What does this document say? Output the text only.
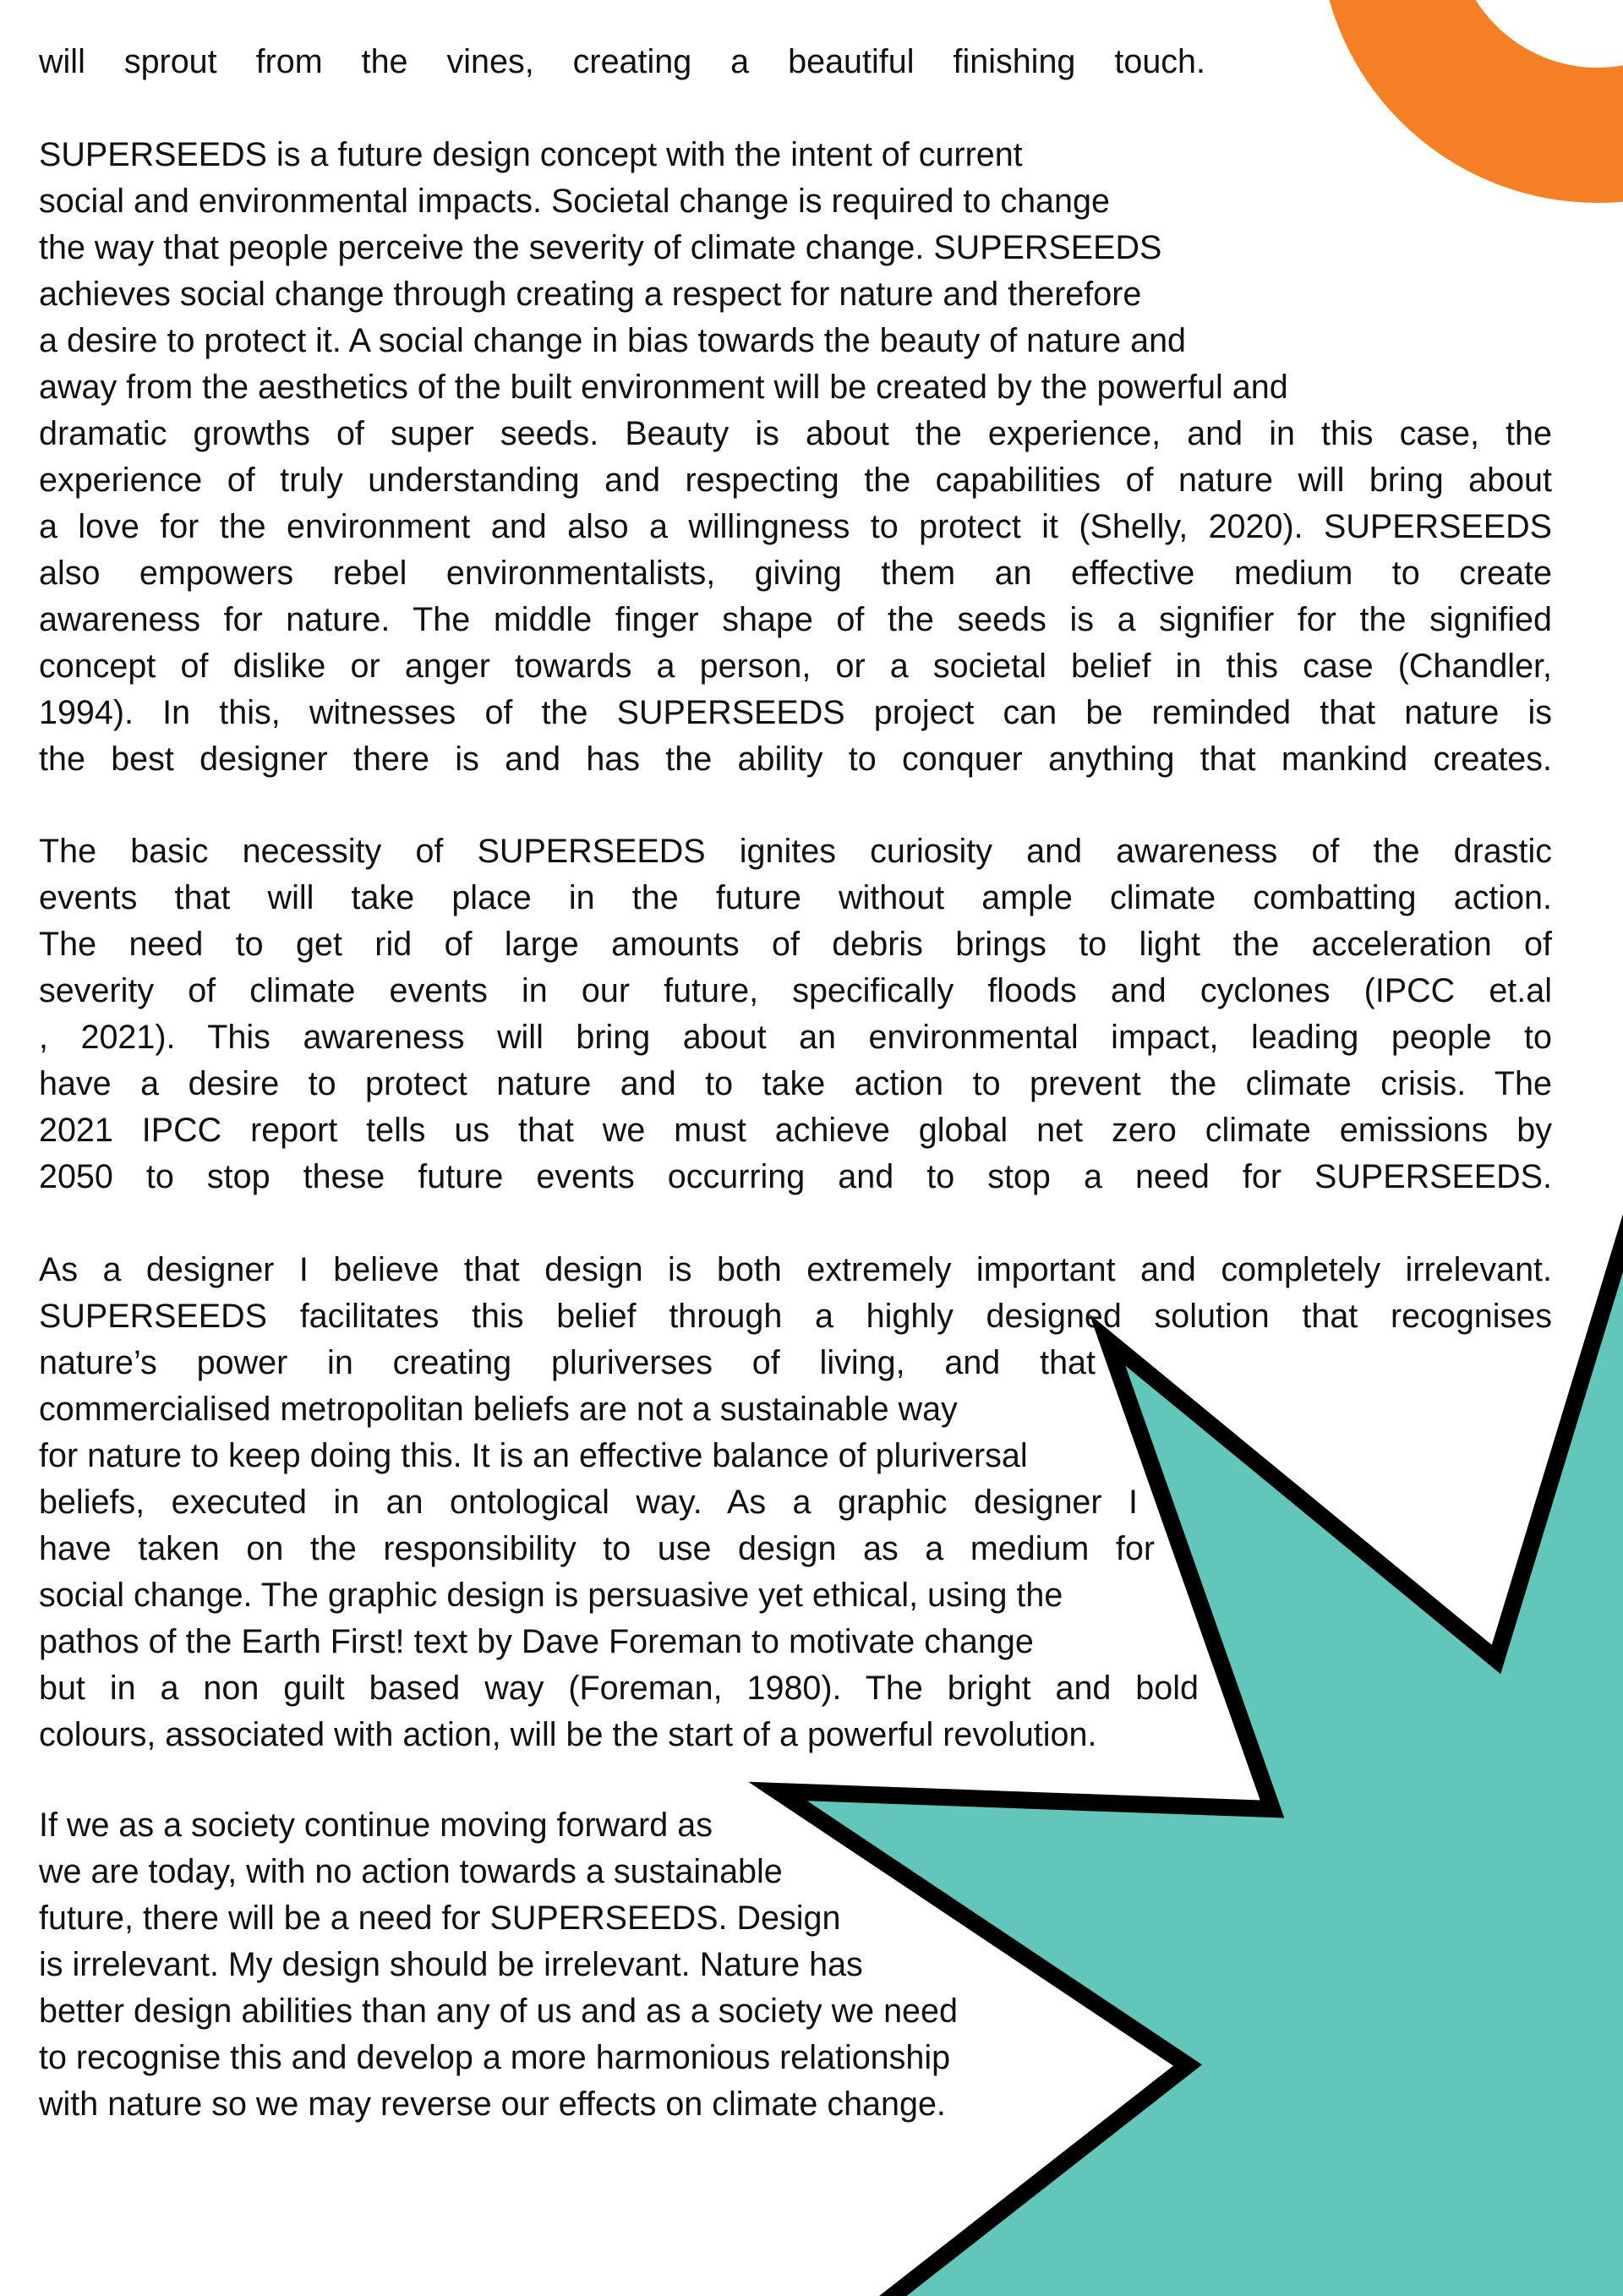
will sprout from the vines, creating a beautiful finishing touch.
SUPERSEEDS is a future design concept with the intent of current
social and environmental impacts. Societal change is required to change
the way that people perceive the severity of climate change. SUPERSEEDS
achieves social change through creating a respect for nature and therefore
a desire to protect it. A social change in bias towards the beauty of nature and
away from the aesthetics of the built environment will be created by the powerful and
dramatic growths of super seeds. Beauty is about the experience, and in this case, the
experience of truly understanding and respecting the capabilities of nature will bring about
a love for the environment and also a willingness to protect it (Shelly, 2020). SUPERSEEDS
also empowers rebel environmentalists, giving them an effective medium to create
awareness for nature. The middle finger shape of the seeds is a signifier for the signified
concept of dislike or anger towards a person, or a societal belief in this case (Chandler,
1994). In this, witnesses of the SUPERSEEDS project can be reminded that nature is
the best designer there is and has the ability to conquer anything that mankind creates.
The basic necessity of SUPERSEEDS ignites curiosity and awareness of the drastic
events that will take place in the future without ample climate combatting action.
The need to get rid of large amounts of debris brings to light the acceleration of
severity of climate events in our future, specifically floods and cyclones (IPCC et.al
, 2021). This awareness will bring about an environmental impact, leading people to
have a desire to protect nature and to take action to prevent the climate crisis. The
2021 IPCC report tells us that we must achieve global net zero climate emissions by
2050 to stop these future events occurring and to stop a need for SUPERSEEDS.
As a designer I believe that design is both extremely important and completely irrelevant.
SUPERSEEDS facilitates this belief through a highly designed solution that recognises
nature’s power in creating pluriverses of living, and that
commercialised metropolitan beliefs are not a sustainable way
for nature to keep doing this. It is an effective balance of pluriversal
beliefs, executed in an ontological way. As a graphic designer I
have taken on the responsibility to use design as a medium for
social change. The graphic design is persuasive yet ethical, using the
pathos of the Earth First! text by Dave Foreman to motivate change
but in a non guilt based way (Foreman, 1980). The bright and bold
colours, associated with action, will be the start of a powerful revolution.
If we as a society continue moving forward as
we are today, with no action towards a sustainable
future, there will be a need for SUPERSEEDS. Design
is irrelevant. My design should be irrelevant. Nature has
better design abilities than any of us and as a society we need
to recognise this and develop a more harmonious relationship
with nature so we may reverse our effects on climate change.
